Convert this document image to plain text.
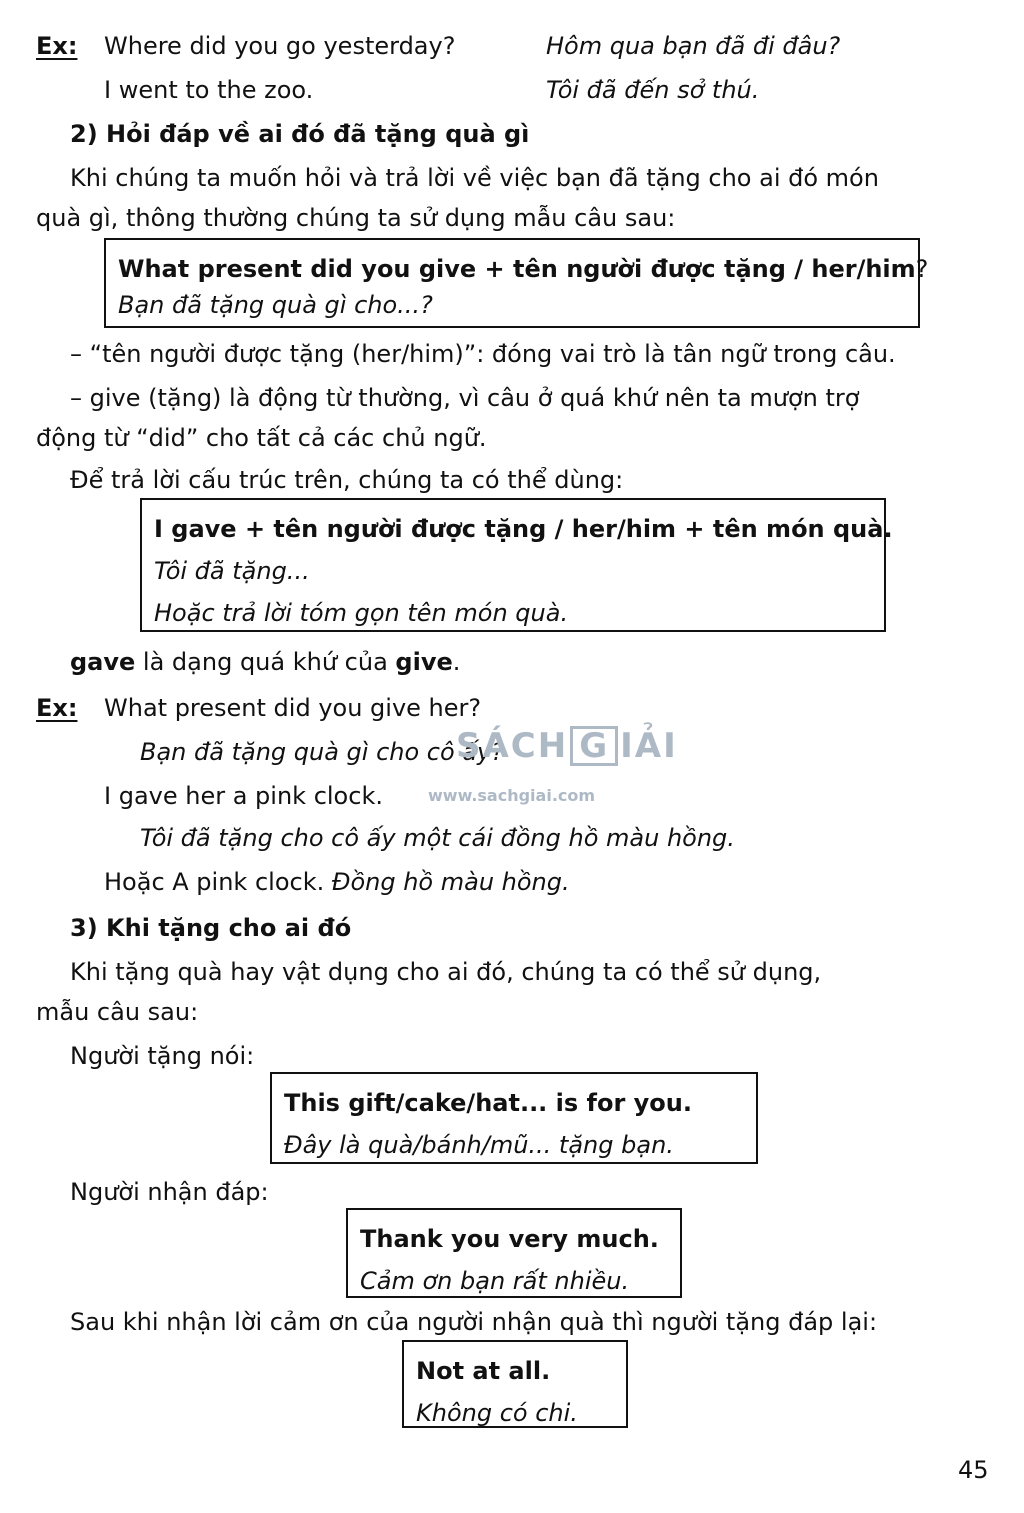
Ex: Where did you go yesterday?	Hôm qua bạn đã đi đâu?
I went to the zoo.	Tôi đã đến sở thú.
2) Hỏi đáp về ai đó đã tặng quà gì
Khi chúng ta muốn hỏi và trả lời về việc bạn đã tặng cho ai đó món
quà gì, thông thường chúng ta sử dụng mẫu câu sau:
What present did you give + tên người được tặng / her/him?
Bạn đã tặng quà gì cho...?
– “tên người được tặng (her/him)”: đóng vai trò là tân ngữ trong câu.
– give (tặng) là động từ thường, vì câu ở quá khứ nên ta mượn trợ
động từ “did” cho tất cả các chủ ngữ.
Để trả lời cấu trúc trên, chúng ta có thể dùng:
I gave + tên người được tặng / her/him + tên món quà.
Tôi đã tặng...
Hoặc trả lời tóm gọn tên món quà.
gave là dạng quá khứ của give.
Ex: What present did you give her?
Bạn đã tặng quà gì cho cô ấy?
I gave her a pink clock.
Tôi đã tặng cho cô ấy một cái đồng hồ màu hồng.
Hoặc A pink clock. Đồng hồ màu hồng.
SÁCH G IẢI
www.sachgiai.com
3) Khi tặng cho ai đó
Khi tặng quà hay vật dụng cho ai đó, chúng ta có thể sử dụng,
mẫu câu sau:
Người tặng nói:
This gift/cake/hat... is for you.
Đây là quà/bánh/mũ... tặng bạn.
Người nhận đáp:
Thank you very much.
Cảm ơn bạn rất nhiều.
Sau khi nhận lời cảm ơn của người nhận quà thì người tặng đáp lại:
Not at all.
Không có chi.
45
